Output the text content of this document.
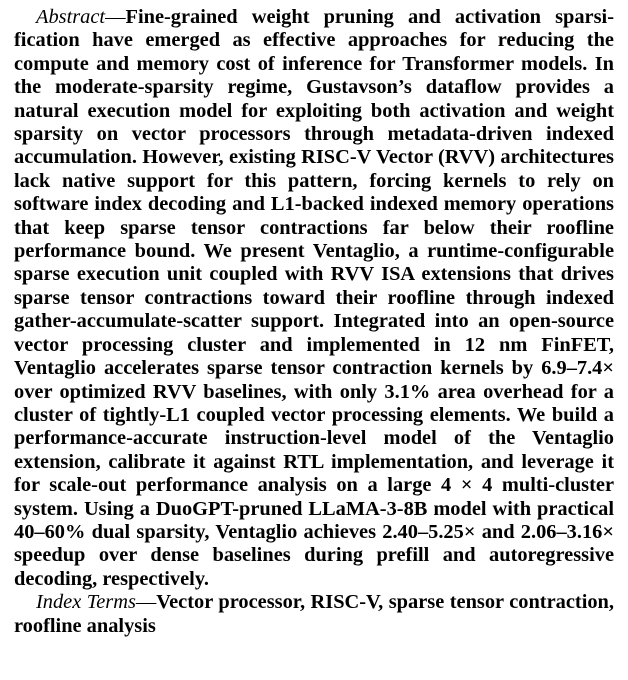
Abstract—Fine-grained weight pruning and activation sparsification have emerged as effective approaches for reducing the compute and memory cost of inference for Transformer models. In the moderate-sparsity regime, Gustavson’s dataflow provides a natural execution model for exploiting both activation and weight sparsity on vector processors through metadata-driven indexed accumulation. However, existing RISC-V Vector (RVV) architectures lack native support for this pattern, forcing kernels to rely on software index decoding and L1-backed indexed memory operations that keep sparse tensor contractions far below their roofline performance bound. We present Ventaglio, a runtime-configurable sparse execution unit coupled with RVV ISA extensions that drives sparse tensor contractions toward their roofline through indexed gather-accumulate-scatter support. Integrated into an open-source vector processing cluster and implemented in 12 nm FinFET, Ventaglio accelerates sparse tensor contraction kernels by 6.9–7.4× over optimized RVV baselines, with only 3.1% area overhead for a cluster of tightly-L1 coupled vector processing elements. We build a performance-accurate instruction-level model of the Ventaglio extension, calibrate it against RTL implementation, and leverage it for scale-out performance analysis on a large 4 × 4 multi-cluster system. Using a DuoGPT-pruned LLaMA-3-8B model with practical 40–60% dual sparsity, Ventaglio achieves 2.40–5.25× and 2.06–3.16× speedup over dense baselines during prefill and autoregressive decoding, respectively.

Index Terms—Vector processor, RISC-V, sparse tensor contraction, roofline analysis
